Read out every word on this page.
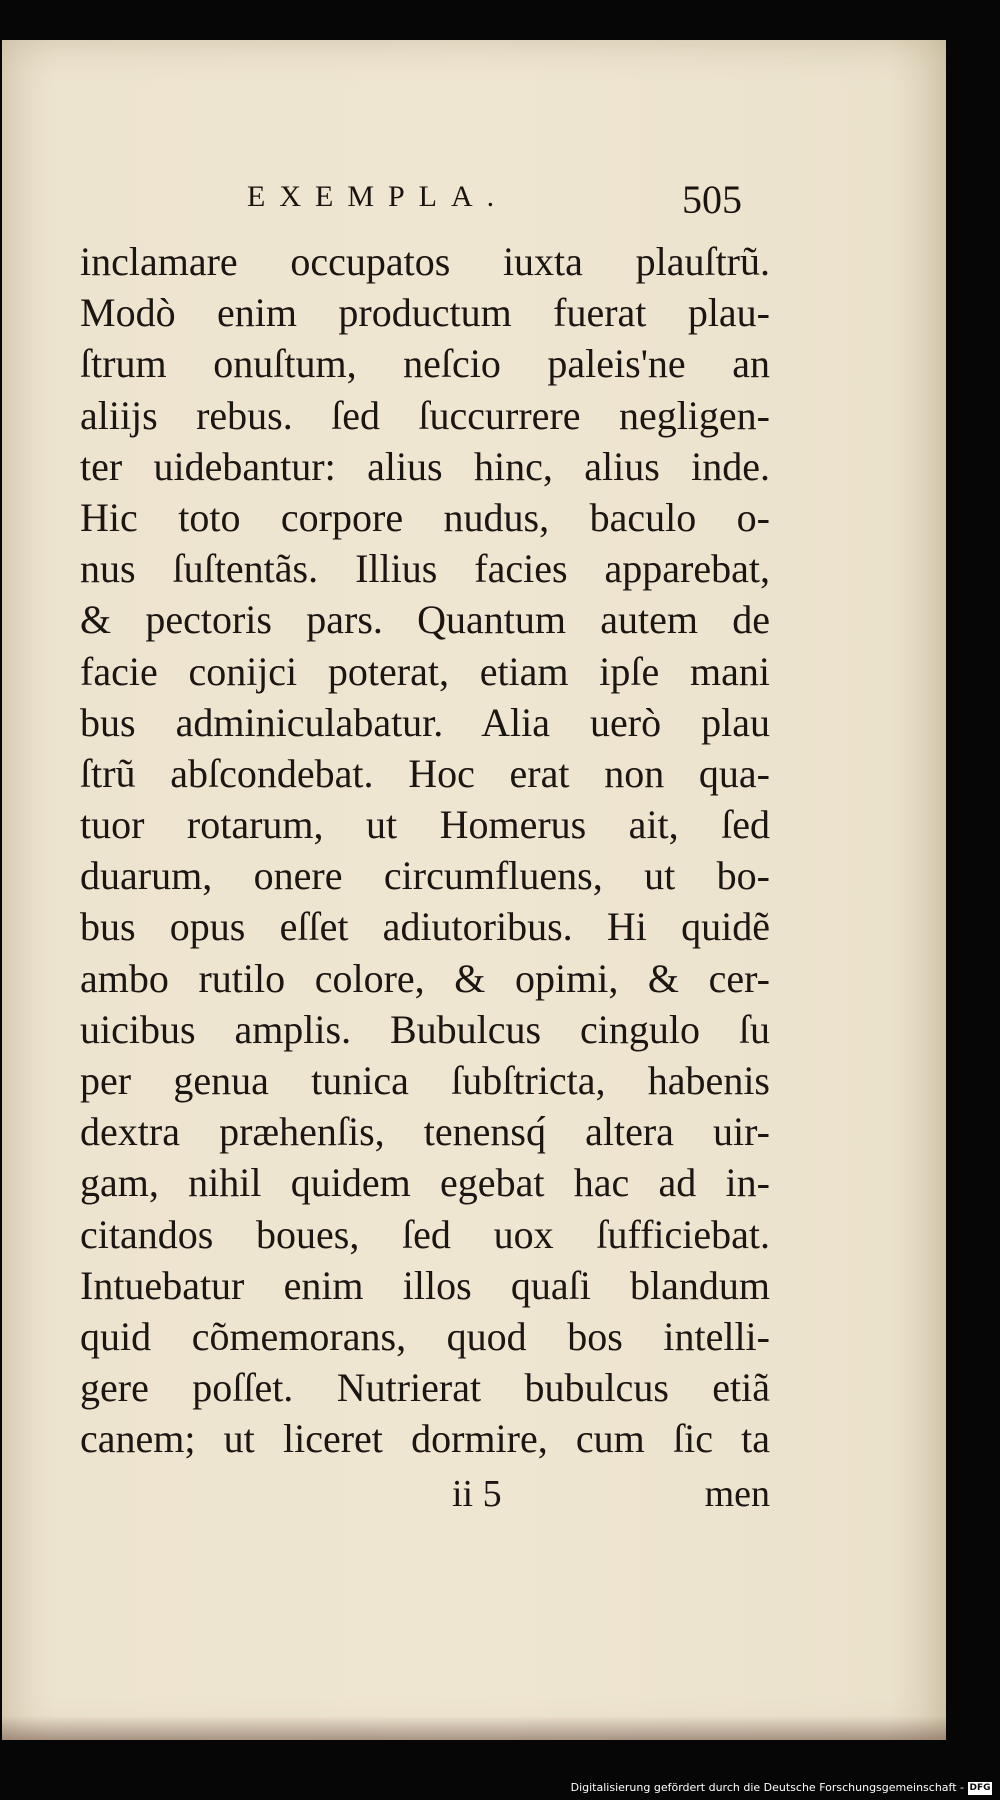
EXEMPLA.	505
inclamare occupatos iuxta plauſtrũ.
Modò enim productum fuerat plau-
ſtrum onuſtum, neſcio paleis'ne an
aliĳs rebus. ſed ſuccurrere negligen-
ter uidebantur: alius hinc, alius inde.
Hic toto corpore nudus, baculo o-
nus ſuſtentãs. Illius facies apparebat,
& pectoris pars. Quantum autem de
facie conĳci poterat, etiam ipſe mani
bus adminiculabatur. Alia uerò plau
ſtrũ abſcondebat. Hoc erat non qua-
tuor rotarum, ut Homerus ait, ſed
duarum, onere circumfluens, ut bo-
bus opus eſſet adiutoribus. Hi quidẽ
ambo rutilo colore, & opimi, & cer-
uicibus amplis. Bubulcus cingulo ſu
per genua tunica ſubſtricta, habenis
dextra præhenſis, tenensq́ altera uir-
gam, nihil quidem egebat hac ad in-
citandos boues, ſed uox ſufficiebat.
Intuebatur enim illos quaſi blandum
quid cõmemorans, quod bos intelli-
gere poſſet. Nutrierat bubulcus etiã
canem; ut liceret dormire, cum ſic ta
ii 5	men
Digitalisierung gefördert durch die Deutsche Forschungsgemeinschaft - DFG
